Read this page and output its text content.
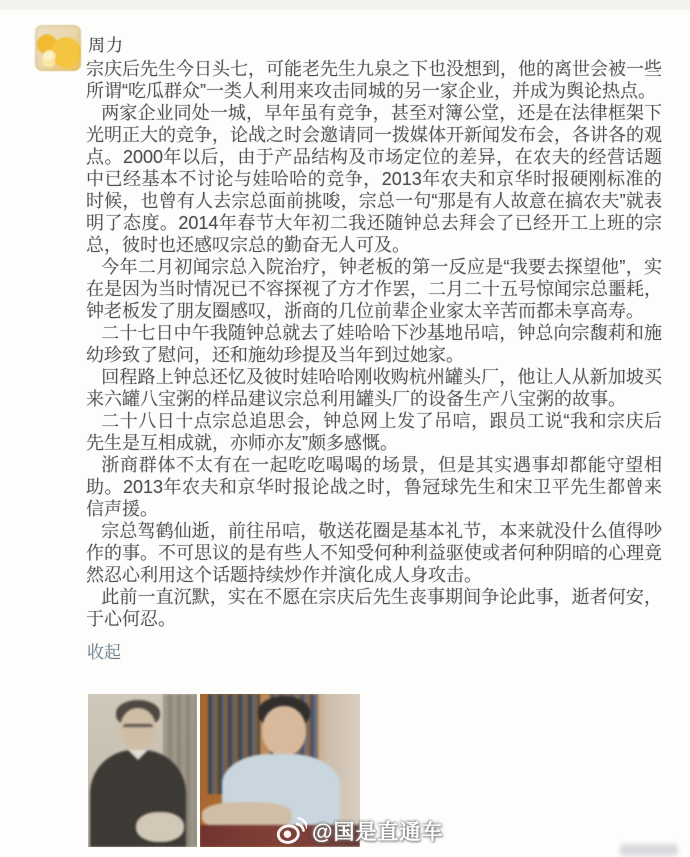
周力

宗庆后先生今日头七，可能老先生九泉之下也没想到，他的离世会被一些所谓“吃瓜群众”一类人利用来攻击同城的另一家企业，并成为舆论热点。

两家企业同处一城，早年虽有竞争，甚至对簿公堂，还是在法律框架下光明正大的竞争，论战之时会邀请同一拨媒体开新闻发布会，各讲各的观点。2000年以后，由于产品结构及市场定位的差异，在农夫的经营话题中已经基本不讨论与娃哈哈的竞争，2013年农夫和京华时报硬刚标准的时候，也曾有人去宗总面前挑唆，宗总一句“那是有人故意在搞农夫”就表明了态度。2014年春节大年初二我还随钟总去拜会了已经开工上班的宗总，彼时也还感叹宗总的勤奋无人可及。

今年二月初闻宗总入院治疗，钟老板的第一反应是“我要去探望他”，实在是因为当时情况已不容探视了方才作罢，二月二十五号惊闻宗总噩耗，钟老板发了朋友圈感叹，浙商的几位前辈企业家太辛苦而都未享高寿。

二十七日中午我随钟总就去了娃哈哈下沙基地吊唁，钟总向宗馥莉和施幼珍致了慰问，还和施幼珍提及当年到过她家。

回程路上钟总还忆及彼时娃哈哈刚收购杭州罐头厂，他让人从新加坡买来六罐八宝粥的样品建议宗总利用罐头厂的设备生产八宝粥的故事。

二十八日十点宗总追思会，钟总网上发了吊唁，跟员工说“我和宗庆后先生是互相成就，亦师亦友”颇多感慨。

浙商群体不太有在一起吃吃喝喝的场景，但是其实遇事却都能守望相助。2013年农夫和京华时报论战之时，鲁冠球先生和宋卫平先生都曾来信声援。

宗总驾鹤仙逝，前往吊唁，敬送花圈是基本礼节，本来就没什么值得吵作的事。不可思议的是有些人不知受何种利益驱使或者何种阴暗的心理竟然忍心利用这个话题持续炒作并演化成人身攻击。

此前一直沉默，实在不愿在宗庆后先生丧事期间争论此事，逝者何安，于心何忍。

收起
@国是直通车
